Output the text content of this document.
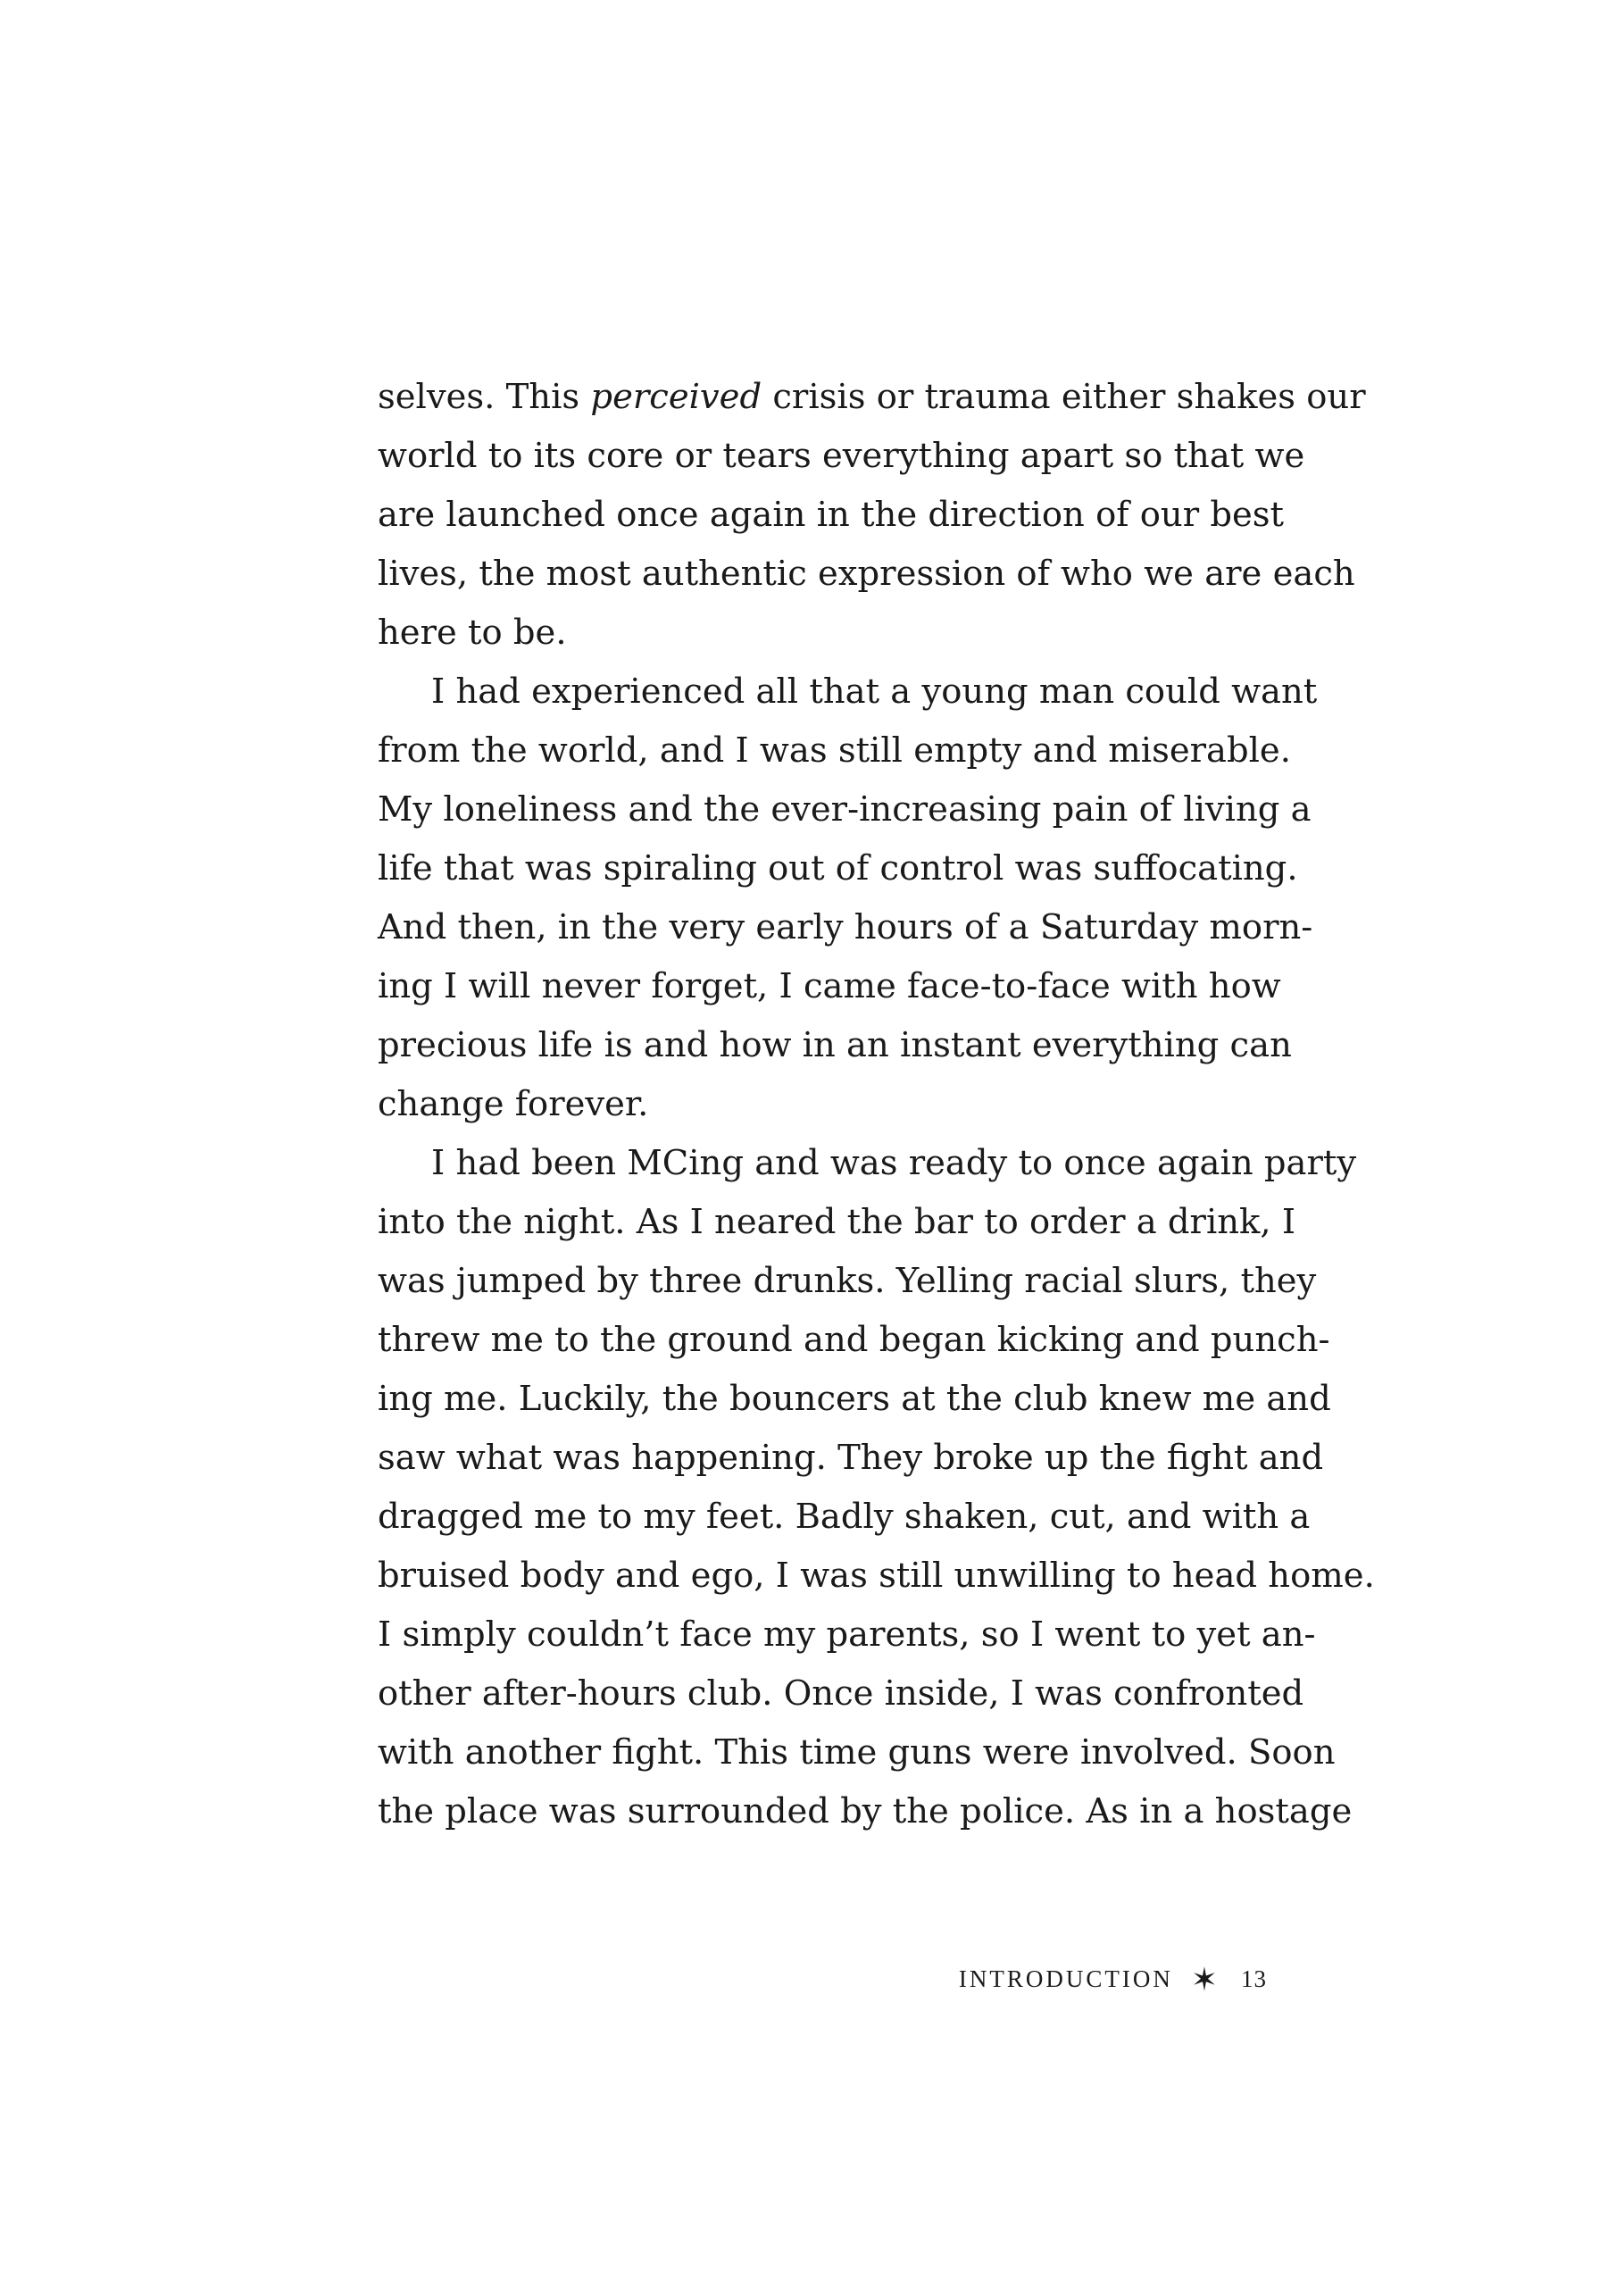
selves. This perceived crisis or trauma either shakes our
world to its core or tears everything apart so that we
are launched once again in the direction of our best
lives, the most authentic expression of who we are each
here to be.
I had experienced all that a young man could want
from the world, and I was still empty and miserable.
My loneliness and the ever-increasing pain of living a
life that was spiraling out of control was suffocating.
And then, in the very early hours of a Saturday morn-
ing I will never forget, I came face-to-face with how
precious life is and how in an instant everything can
change forever.
I had been MCing and was ready to once again party
into the night. As I neared the bar to order a drink, I
was jumped by three drunks. Yelling racial slurs, they
threw me to the ground and began kicking and punch-
ing me. Luckily, the bouncers at the club knew me and
saw what was happening. They broke up the fight and
dragged me to my feet. Badly shaken, cut, and with a
bruised body and ego, I was still unwilling to head home.
I simply couldn’t face my parents, so I went to yet an-
other after-hours club. Once inside, I was confronted
with another fight. This time guns were involved. Soon
the place was surrounded by the police. As in a hostage
INTRODUCTION ✶ 13
